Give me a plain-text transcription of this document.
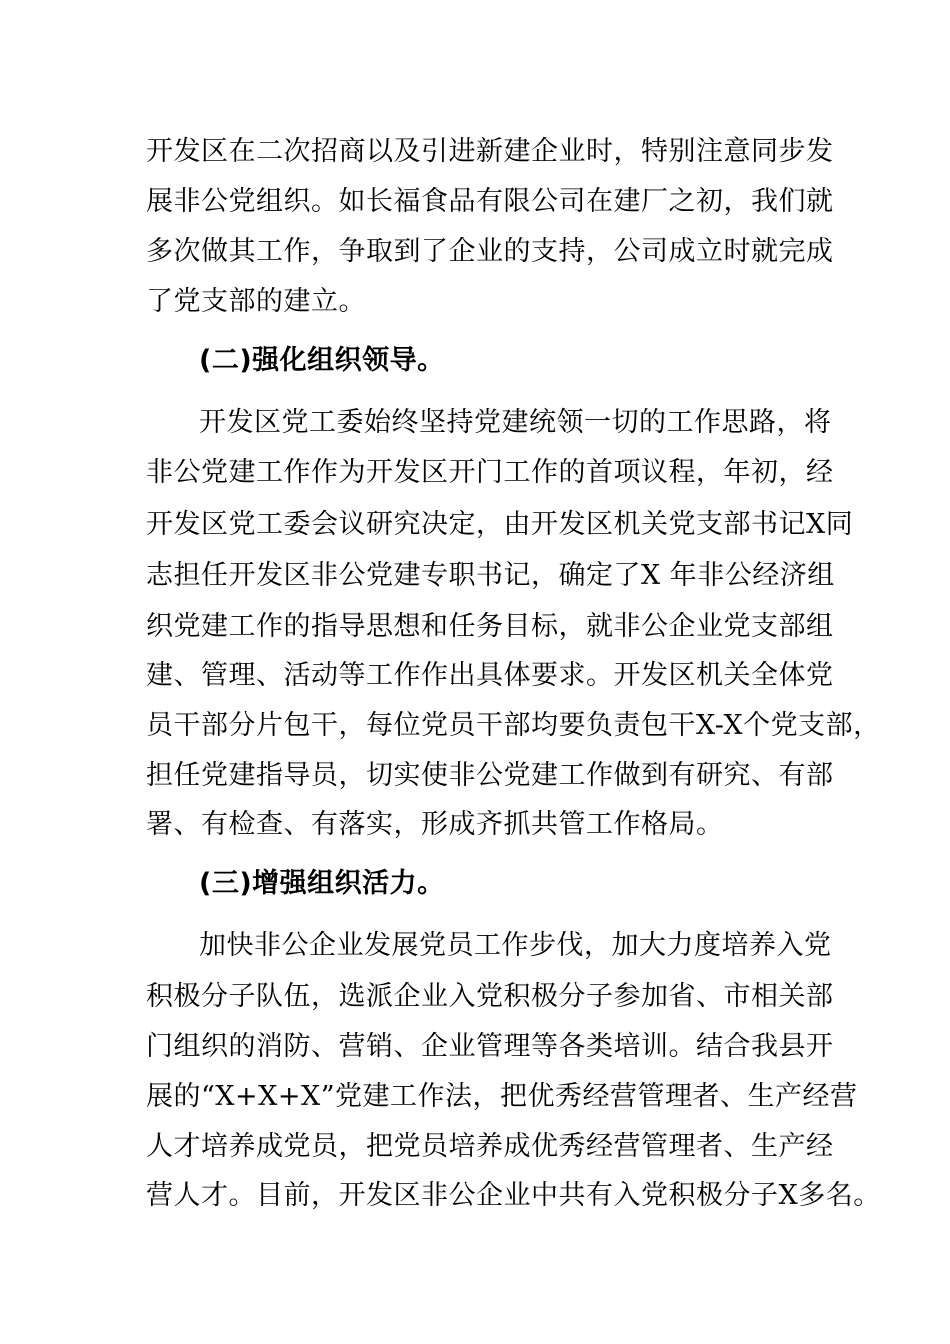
开发区在二次招商以及引进新建企业时，特别注意同步发
展非公党组织。如长福食品有限公司在建厂之初，我们就
多次做其工作，争取到了企业的支持，公司成立时就完成
了党支部的建立。
(二)强化组织领导。
开发区党工委始终坚持党建统领一切的工作思路，将
非公党建工作作为开发区开门工作的首项议程，年初，经
开发区党工委会议研究决定，由开发区机关党支部书记X同
志担任开发区非公党建专职书记，确定了X 年非公经济组
织党建工作的指导思想和任务目标，就非公企业党支部组
建、管理、活动等工作作出具体要求。开发区机关全体党
员干部分片包干，每位党员干部均要负责包干X-X个党支部，
担任党建指导员，切实使非公党建工作做到有研究、有部
署、有检查、有落实，形成齐抓共管工作格局。
(三)增强组织活力。
加快非公企业发展党员工作步伐，加大力度培养入党
积极分子队伍，选派企业入党积极分子参加省、市相关部
门组织的消防、营销、企业管理等各类培训。结合我县开
展的“X+X+X”党建工作法，把优秀经营管理者、生产经营
人才培养成党员，把党员培养成优秀经营管理者、生产经
营人才。目前，开发区非公企业中共有入党积极分子X多名。
